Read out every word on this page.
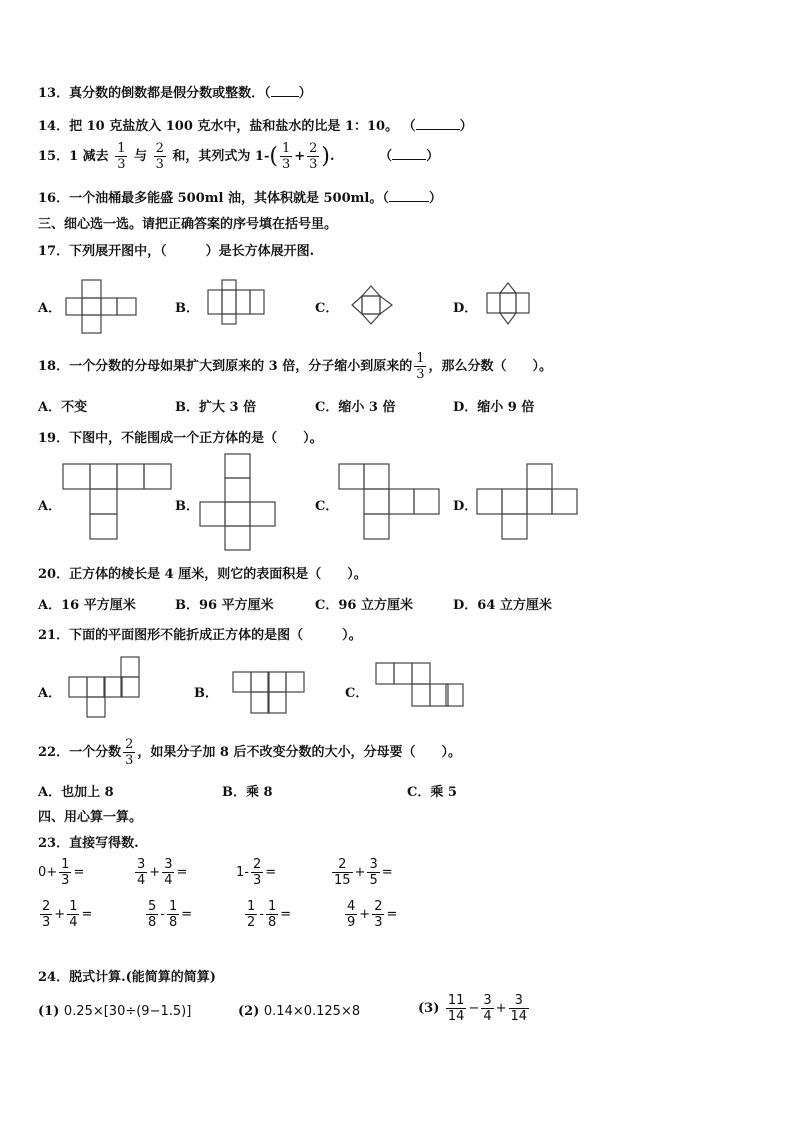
13．真分数的倒数都是假分数或整数．（ ）
14．把 10 克盐放入 100 克水中，盐和盐水的比是 1：10。 （	）
15．1 减去 $\frac{1}{3}$ 与 $\frac{2}{3}$ 和，其列式为 $1-( \frac{1}{3} + \frac{2}{3}$ ).	（	）
16．一个油桶最多能盛 500ml 油，其体积就是 500ml。（	）
三、细心选一选。请把正确答案的序号填在括号里。
17．下列展开图中，（　　　）是长方体展开图.
A．	B．	C．	D．
18．一个分数的分母如果扩大到原来的 3 倍，分子缩小到原来的 $\frac{1}{3}$ ，那么分数（　　）。
A．不变	B．扩大 3 倍	C．缩小 3 倍	D．缩小 9 倍
19．下图中，不能围成一个正方体的是（　　）。
A．	B．	C．	D．
20．正方体的棱长是 4 厘米，则它的表面积是（　　）。
A．16 平方厘米	B．96 平方厘米	C．96 立方厘米	D．64 立方厘米
21．下面的平面图形不能折成正方体的是图（　　　）。
A．	B．	C．
22．一个分数 $\frac{2}{3}$ ，如果分子加 8 后不改变分数的大小，分母要（　　）。
A．也加上 8	B．乘 8	C．乘 5
四、用心算一算。
23．直接写得数.
$0+ \frac{1}{3}$ =	$\frac{3}{4} + \frac{3}{4}$ =	$1- \frac{2}{3}$ =	$\frac{2}{15} + \frac{3}{5}$ =
$\frac{2}{3} + \frac{1}{4}$ =	$\frac{5}{8} - \frac{1}{8}$ =	$\frac{1}{2} - \frac{1}{8}$ =	$\frac{4}{9} + \frac{2}{3}$ =
24．脱式计算.(能简算的简算)
(1) 0.25×[30÷(9−1.5)]	(2) 0.14×0.125×8	$(3) \frac{11}{14} - \frac{3}{4} + \frac{3}{14}$
